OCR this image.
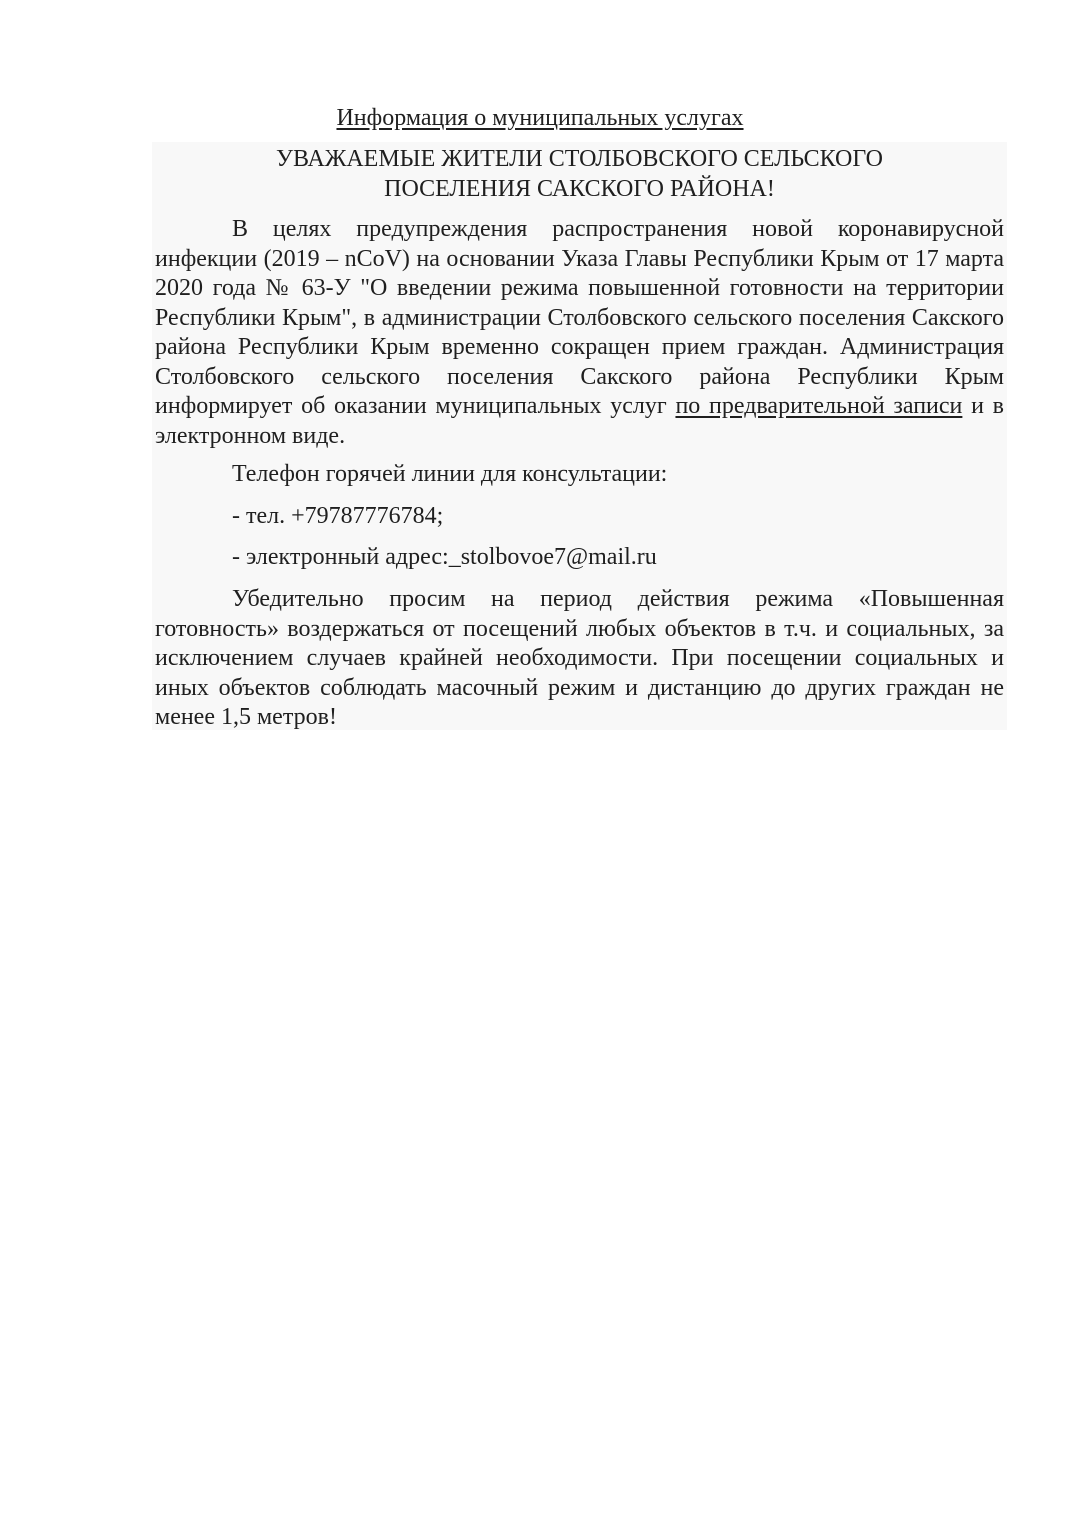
Информация о муниципальных услугах

УВАЖАЕМЫЕ ЖИТЕЛИ СТОЛБОВСКОГО СЕЛЬСКОГО
ПОСЕЛЕНИЯ САКСКОГО РАЙОНА!

В целях предупреждения распространения новой коронавирусной инфекции (2019 – nCoV) на основании Указа Главы Республики Крым от 17 марта 2020 года № 63-У "О введении режима повышенной готовности на территории Республики Крым", в администрации Столбовского сельского поселения Сакского района Республики Крым временно сокращен прием граждан. Администрация Столбовского сельского поселения Сакского района Республики Крым информирует об оказании муниципальных услуг по предварительной записи и в электронном виде.

Телефон горячей линии для консультации:

- тел. +79787776784;

- электронный адрес:_stolbovoe7@mail.ru

Убедительно просим на период действия режима «Повышенная готовность» воздержаться от посещений любых объектов в т.ч. и социальных, за исключением случаев крайней необходимости. При посещении социальных и иных объектов соблюдать масочный режим и дистанцию до других граждан не менее 1,5 метров!
